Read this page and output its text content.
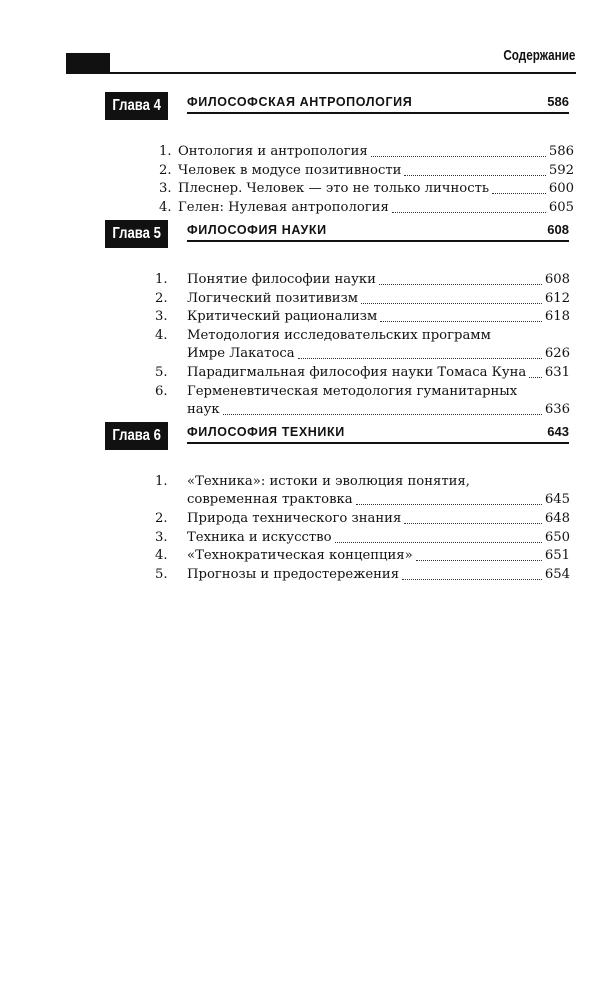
Содержание
Глава 4 ФИЛОСОФСКАЯ АНТРОПОЛОГИЯ	586
1. Онтология и антропология	586
2. Человек в модусе позитивности	592
3. Плеснер. Человек — это не только личность	600
4. Гелен: Нулевая антропология	605
Глава 5 ФИЛОСОФИЯ НАУКИ	608
1. Понятие философии науки	608
2. Логический позитивизм	612
3. Критический рационализм	618
4. Методология исследовательских программ
Имре Лакатоса	626
5. Парадигмальная философия науки Томаса Куна 631
6. Герменевтическая методология гуманитарных
наук	636
Глава 6 ФИЛОСОФИЯ ТЕХНИКИ	643
1. «Техника»: истоки и эволюция понятия,
современная трактовка	645
2. Природа технического знания	648
3. Техника и искусство	650
4. «Технократическая концепция»	651
5. Прогнозы и предостережения	654
